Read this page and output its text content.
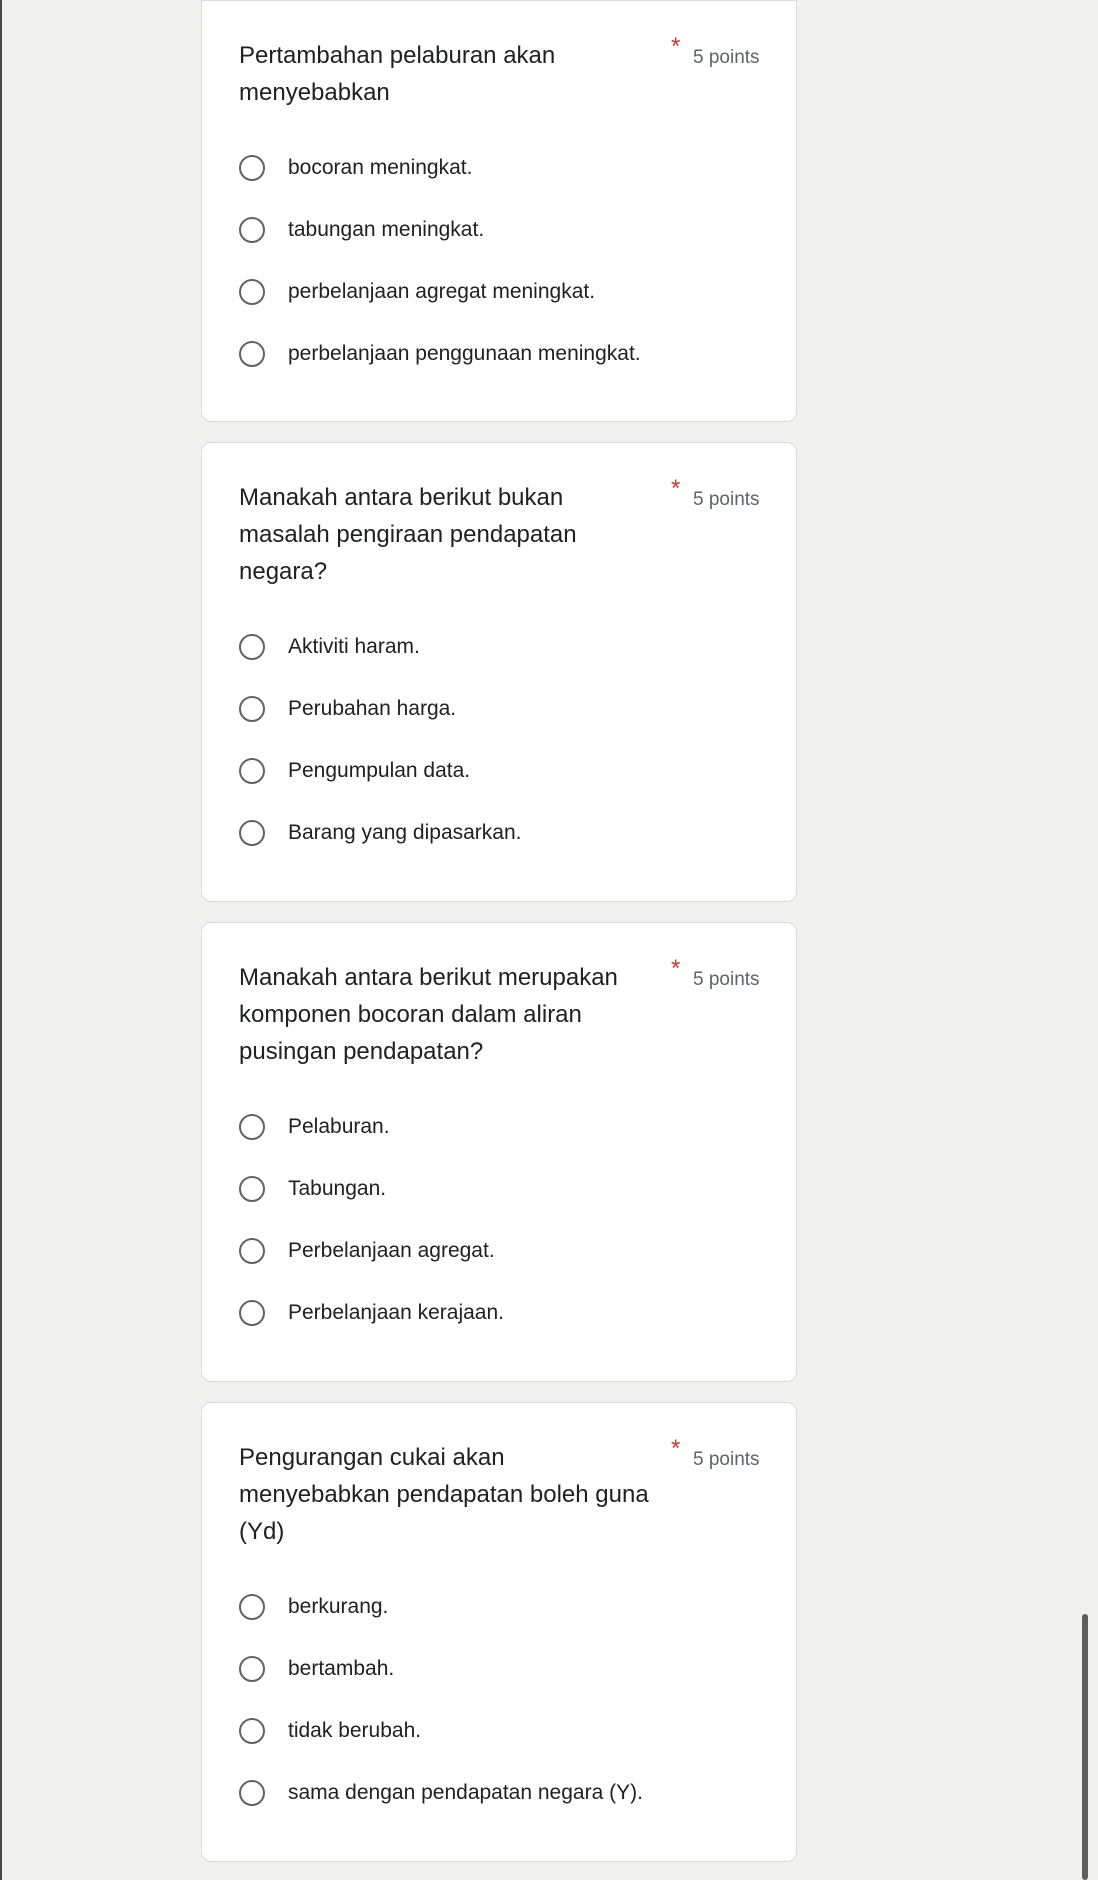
Pertambahan pelaburan akan menyebabkan
* 5 points
bocoran meningkat.
tabungan meningkat.
perbelanjaan agregat meningkat.
perbelanjaan penggunaan meningkat.
Manakah antara berikut bukan masalah pengiraan pendapatan negara?
* 5 points
Aktiviti haram.
Perubahan harga.
Pengumpulan data.
Barang yang dipasarkan.
Manakah antara berikut merupakan komponen bocoran dalam aliran pusingan pendapatan?
* 5 points
Pelaburan.
Tabungan.
Perbelanjaan agregat.
Perbelanjaan kerajaan.
Pengurangan cukai akan menyebabkan pendapatan boleh guna (Yd)
* 5 points
berkurang.
bertambah.
tidak berubah.
sama dengan pendapatan negara (Y).
